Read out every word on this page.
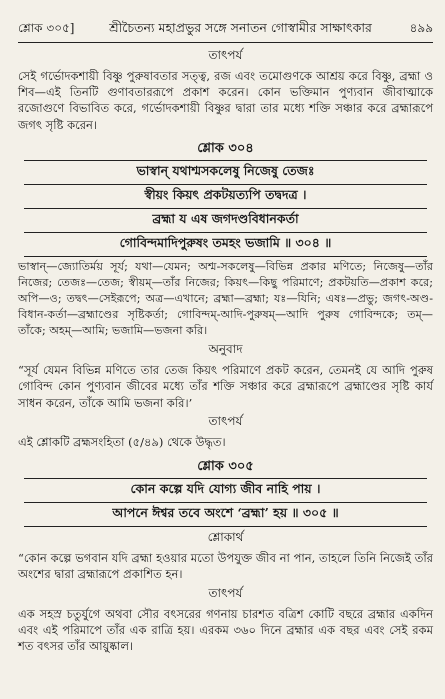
শ্লোক ৩০৫]	শ্রীচৈতন্য মহাপ্রভুর সঙ্গে সনাতন গোস্বামীর সাক্ষাৎকার	৪৯৯
তাৎপর্য

সেই গর্ভোদকশায়ী বিষ্ণু পুরুষাবতার সত্ত্ব, রজ এবং তমোগুণকে আশ্রয় করে বিষ্ণু, ব্রহ্মা ও শিব—এই তিনটি গুণাবতাররূপে প্রকাশ করেন। কোন ভক্তিমান পুণ্যবান জীবাত্মাকে রজোগুণে বিভাবিত করে, গর্ভোদকশায়ী বিষ্ণুর দ্বারা তার মধ্যে শক্তি সঞ্চার করে ব্রহ্মারূপে জগৎ সৃষ্টি করেন।

শ্লোক ৩০৪
ভাস্বান্ যথাশ্মসকলেষু নিজেষু তেজঃ
স্বীয়ং কিয়ৎ প্রকটয়ত্যপি তদ্বদত্র ।
ব্রহ্মা য এষ জগদণ্ডবিধানকর্তা
গোবিন্দমাদিপুরুষং তমহং ভজামি ॥ ৩০৪ ॥

ভাস্বান্—জ্যোতির্ময় সূর্য; যথা—যেমন; অশ্ম-সকলেষু—বিভিন্ন প্রকার মণিতে; নিজেষু—তাঁর নিজের; তেজঃ—তেজ; স্বীয়ম্—তাঁর নিজের; কিয়ৎ—কিছু পরিমাণে; প্রকটয়তি—প্রকাশ করে; অপি—ও; তদ্বৎ—সেইরূপে; অত্র—এখানে; ব্রহ্মা—ব্রহ্মা; যঃ—যিনি; এষঃ—প্রভু; জগৎ-অণ্ড-বিধান-কর্তা—ব্রহ্মাণ্ডের সৃষ্টিকর্তা; গোবিন্দম্-আদি-পুরুষম্—আদি পুরুষ গোবিন্দকে; তম্—তাঁকে; অহম্—আমি; ভজামি—ভজনা করি।

অনুবাদ

“সূর্য যেমন বিভিন্ন মণিতে তার তেজ কিয়ৎ পরিমাণে প্রকট করেন, তেমনই যে আদি পুরুষ গোবিন্দ কোন পুণ্যবান জীবের মধ্যে তাঁর শক্তি সঞ্চার করে ব্রহ্মারূপে ব্রহ্মাণ্ডের সৃষ্টি কার্য সাধন করেন, তাঁকে আমি ভজনা করি।’

তাৎপর্য

এই শ্লোকটি ব্রহ্মসংহিতা (৫/৪৯) থেকে উদ্ধৃত।

শ্লোক ৩০৫
কোন কল্পে যদি যোগ্য জীব নাহি পায় ।
আপনে ঈশ্বর তবে অংশে ‘ব্রহ্মা’ হয় ॥ ৩০৫ ॥
শ্লোকার্থ

“কোন কল্পে ভগবান যদি ব্রহ্মা হওয়ার মতো উপযুক্ত জীব না পান, তাহলে তিনি নিজেই তাঁর অংশের দ্বারা ব্রহ্মারূপে প্রকাশিত হন।

তাৎপর্য

এক সহস্র চতুর্যুগে অথবা সৌর বৎসরের গণনায় চারশত বত্রিশ কোটি বছরে ব্রহ্মার একদিন এবং এই পরিমাপে তাঁর এক রাত্রি হয়। এরকম ৩৬০ দিনে ব্রহ্মার এক বছর এবং সেই রকম শত বৎসর তাঁর আয়ুষ্কাল।
